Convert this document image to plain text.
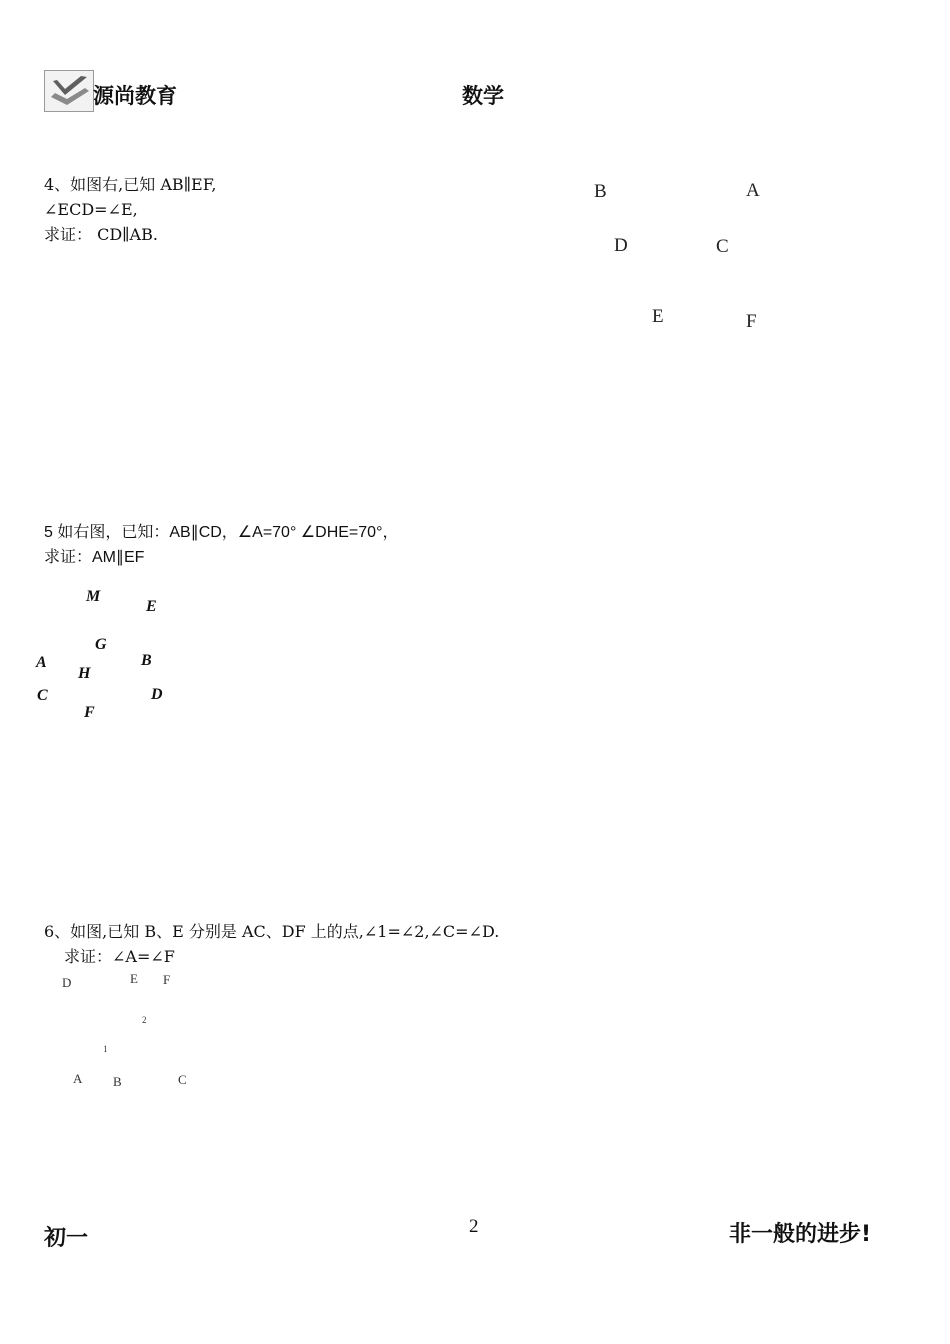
源尚教育	数学
4、如图右,已知 AB∥EF,
∠ECD=∠E,
求证： CD∥AB.
B	A
D	C
E	F
5 如右图，已知：AB∥CD，∠A=70° ∠DHE=70°，
求证：AM∥EF
M
E
G
A	B
H
C	D
F
6、如图,已知 B、E 分别是 AC、DF 上的点,∠1=∠2,∠C=∠D.
求证：∠A=∠F
D	E F
2
1
A B	C
初一	2	非一般的进步!
